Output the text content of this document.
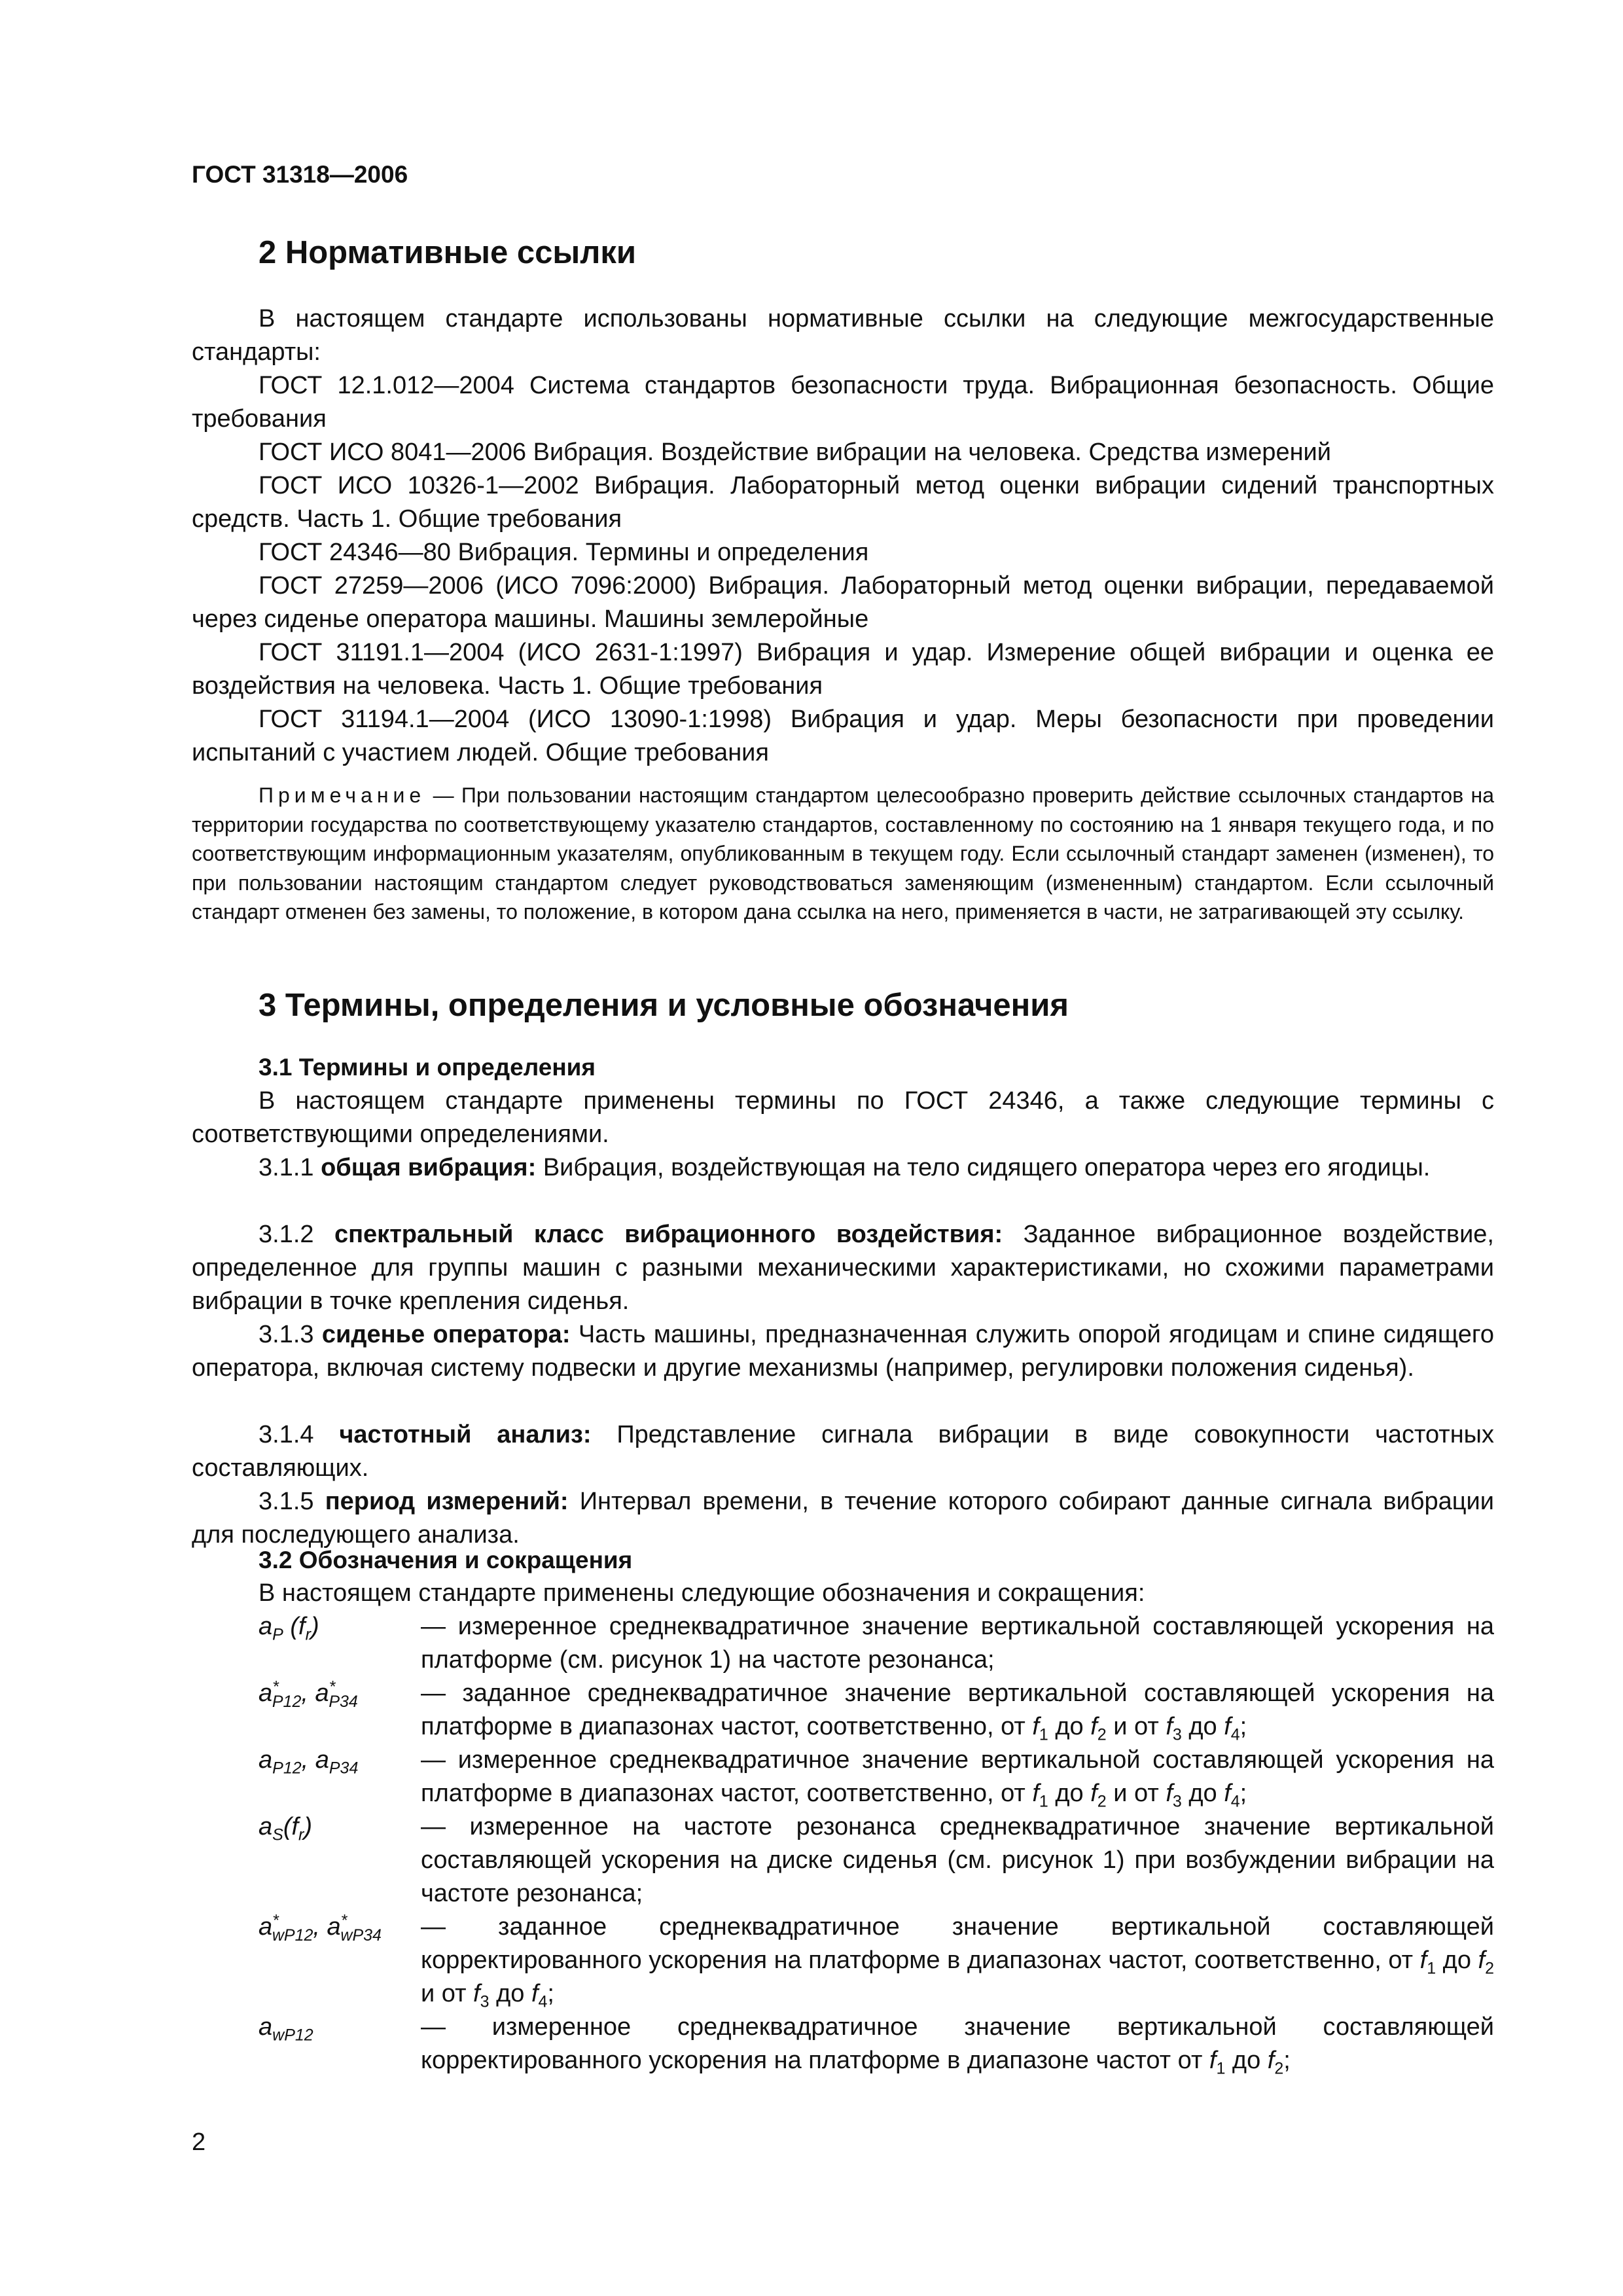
ГОСТ 31318—2006
2 Нормативные ссылки

В настоящем стандарте использованы нормативные ссылки на следующие межгосударственные стандарты:

ГОСТ 12.1.012—2004 Система стандартов безопасности труда. Вибрационная безопасность. Общие требования

ГОСТ ИСО 8041—2006 Вибрация. Воздействие вибрации на человека. Средства измерений

ГОСТ ИСО 10326-1—2002 Вибрация. Лабораторный метод оценки вибрации сидений транспортных средств. Часть 1. Общие требования

ГОСТ 24346—80 Вибрация. Термины и определения

ГОСТ 27259—2006 (ИСО 7096:2000) Вибрация. Лабораторный метод оценки вибрации, передаваемой через сиденье оператора машины. Машины землеройные

ГОСТ 31191.1—2004 (ИСО 2631-1:1997) Вибрация и удар. Измерение общей вибрации и оценка ее воздействия на человека. Часть 1. Общие требования

ГОСТ 31194.1—2004 (ИСО 13090-1:1998) Вибрация и удар. Меры безопасности при проведении испытаний с участием людей. Общие требования

Примечание — При пользовании настоящим стандартом целесообразно проверить действие ссылочных стандартов на территории государства по соответствующему указателю стандартов, составленному по состоянию на 1 января текущего года, и по соответствующим информационным указателям, опубликованным в текущем году. Если ссылочный стандарт заменен (изменен), то при пользовании настоящим стандартом следует руководствоваться заменяющим (измененным) стандартом. Если ссылочный стандарт отменен без замены, то положение, в котором дана ссылка на него, применяется в части, не затрагивающей эту ссылку.

3 Термины, определения и условные обозначения
3.1 Термины и определения

В настоящем стандарте применены термины по ГОСТ 24346, а также следующие термины с соответствующими определениями.

3.1.1 общая вибрация: Вибрация, воздействующая на тело сидящего оператора через его ягодицы.

3.1.2 спектральный класс вибрационного воздействия: Заданное вибрационное воздействие, определенное для группы машин с разными механическими характеристиками, но схожими параметрами вибрации в точке крепления сиденья.

3.1.3 сиденье оператора: Часть машины, предназначенная служить опорой ягодицам и спине сидящего оператора, включая систему подвески и другие механизмы (например, регулировки положения сиденья).

3.1.4 частотный анализ: Представление сигнала вибрации в виде совокупности частотных составляющих.

3.1.5 период измерений: Интервал времени, в течение которого собирают данные сигнала вибрации для последующего анализа.

3.2 Обозначения и сокращения

В настоящем стандарте применены следующие обозначения и сокращения:

$a_P$ $(f_r)$	— измеренное среднеквадратичное значение вертикальной составляющей ускорения на платформе (см. рисунок 1) на частоте резонанса;

$a^*_{P12}$, $a^*_{P34}$	— заданное среднеквадратичное значение вертикальной составляющей ускорения на платформе в диапазонах частот, соответственно, от $f_1$ до $f_2$ и от $f_3$ до $f_4$;

$a_{P12}$, $a_{P34}$	— измеренное среднеквадратичное значение вертикальной составляющей ускорения на платформе в диапазонах частот, соответственно, от $f_1$ до $f_2$ и от $f_3$ до $f_4$;

$a_S(f_r)$	— измеренное на частоте резонанса среднеквадратичное значение вертикальной составляющей ускорения на диске сиденья (см. рисунок 1) при возбуждении вибрации на частоте резонанса;

$a^*_{wP12}$, $a^*_{wP34}$ — заданное среднеквадратичное значение вертикальной составляющей корректированного ускорения на платформе в диапазонах частот, соответственно, от $f_1$ до $f_2$ и от $f_3$ до $f_4$;

$a_{wP12}$	— измеренное среднеквадратичное значение вертикальной составляющей корректированного ускорения на платформе в диапазоне частот от $f_1$ до $f_2$;

2
